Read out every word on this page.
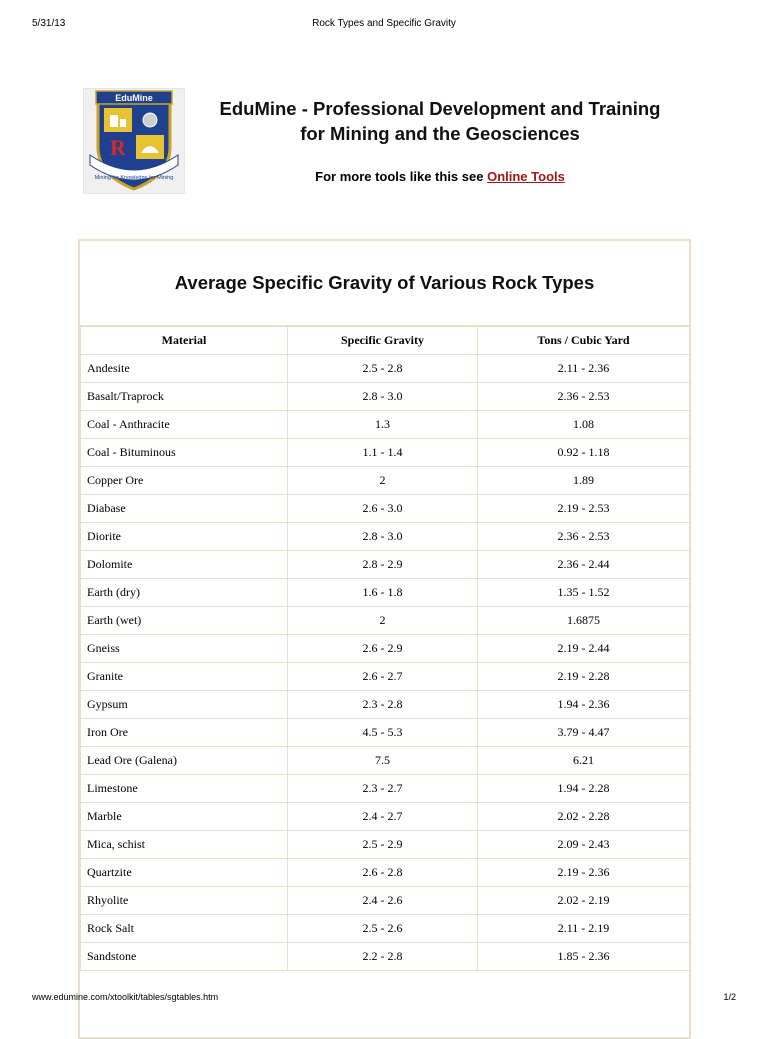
5/31/13	Rock Types and Specific Gravity
EduMine
R
Mining for Knowledge for Mining
EduMine - Professional Development and Training
for Mining and the Geosciences
For more tools like this see Online Tools
Average Specific Gravity of Various Rock Types
Material	Specific Gravity	Tons / Cubic Yard
Andesite	2.5 - 2.8	2.11 - 2.36
Basalt/Traprock	2.8 - 3.0	2.36 - 2.53
Coal - Anthracite	1.3	1.08
Coal - Bituminous	1.1 - 1.4	0.92 - 1.18
Copper Ore	2	1.89
Diabase	2.6 - 3.0	2.19 - 2.53
Diorite	2.8 - 3.0	2.36 - 2.53
Dolomite	2.8 - 2.9	2.36 - 2.44
Earth (dry)	1.6 - 1.8	1.35 - 1.52
Earth (wet)	2	1.6875
Gneiss	2.6 - 2.9	2.19 - 2.44
Granite	2.6 - 2.7	2.19 - 2.28
Gypsum	2.3 - 2.8	1.94 - 2.36
Iron Ore	4.5 - 5.3	3.79 - 4.47
Lead Ore (Galena)	7.5	6.21
Limestone	2.3 - 2.7	1.94 - 2.28
Marble	2.4 - 2.7	2.02 - 2.28
Mica, schist	2.5 - 2.9	2.09 - 2.43
Quartzite	2.6 - 2.8	2.19 - 2.36
Rhyolite	2.4 - 2.6	2.02 - 2.19
Rock Salt	2.5 - 2.6	2.11 - 2.19
Sandstone	2.2 - 2.8	1.85 - 2.36
www.edumine.com/xtoolkit/tables/sgtables.htm	1/2
